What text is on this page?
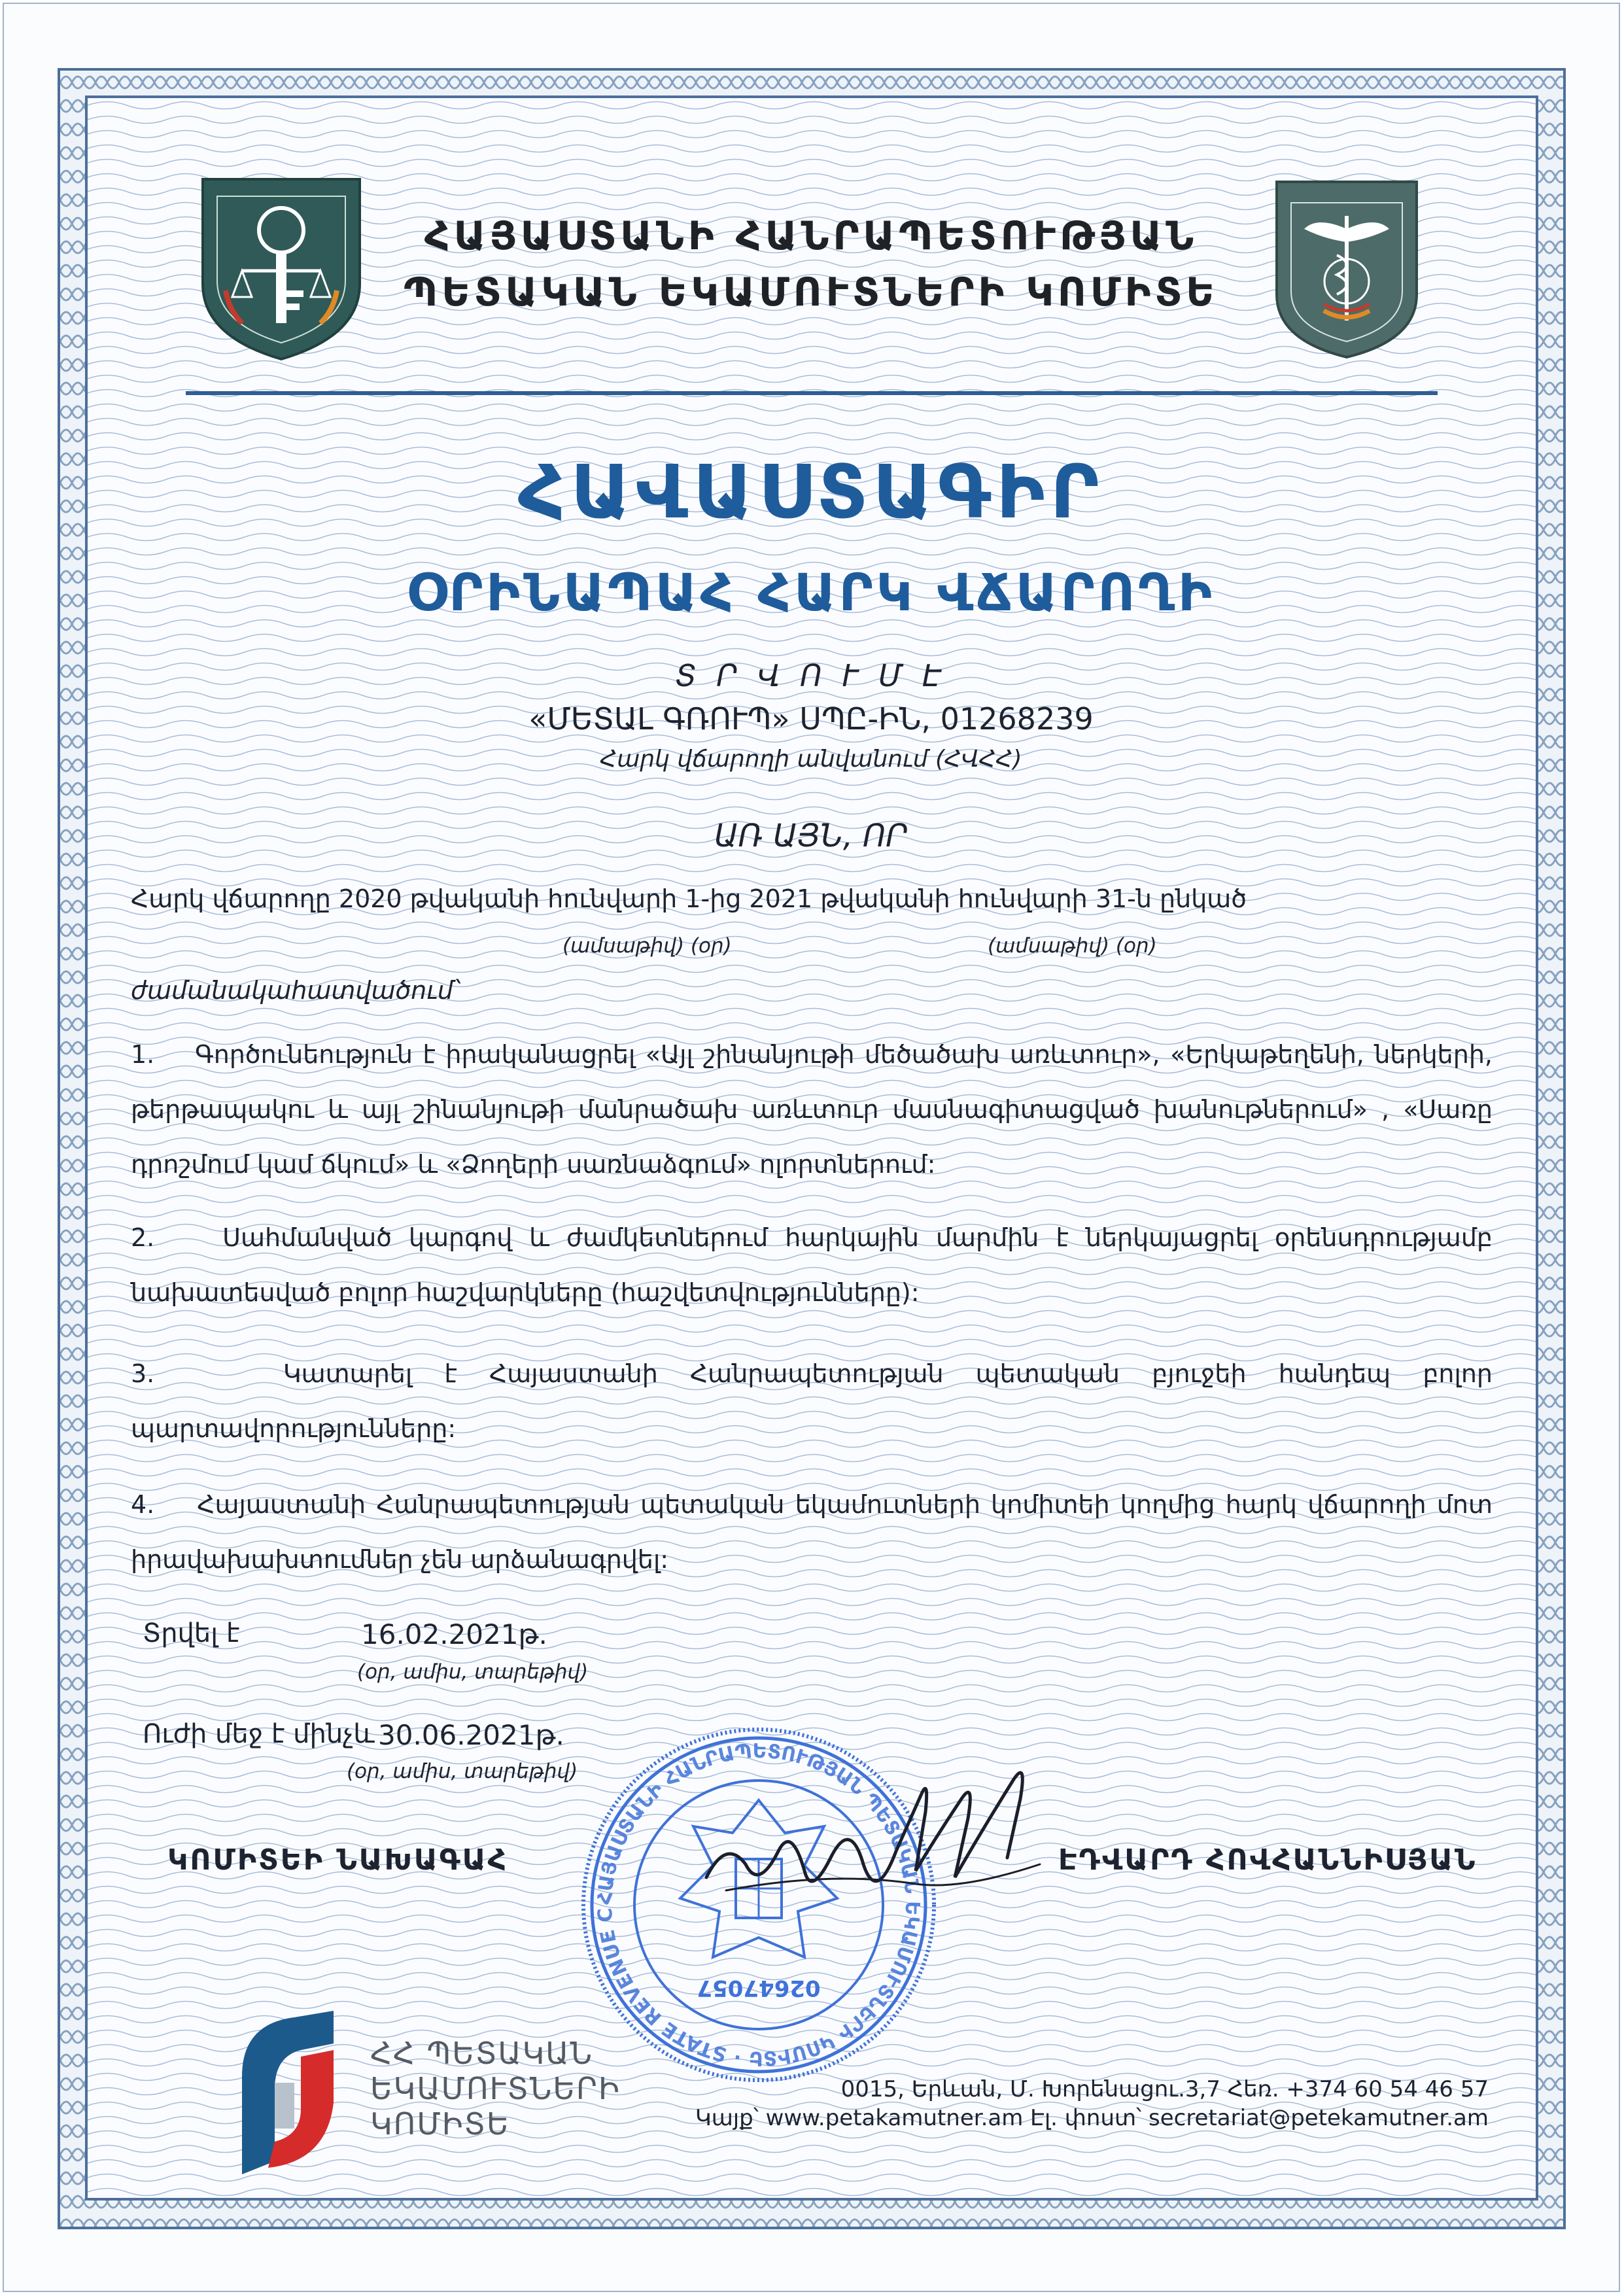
ՀԱՅԱՍՏԱՆԻ ՀԱՆՐԱՊԵՏՈՒԹՅԱՆ
ՊԵՏԱԿԱՆ ԵԿԱՄՈՒՏՆԵՐԻ ԿՈՄԻՏԵ
ՀԱՎԱՍՏԱԳԻՐ
ՕՐԻՆԱՊԱՀ ՀԱՐԿ ՎՃԱՐՈՂԻ
Տ Ր Վ Ո Ւ Մ Է
«ՄԵՏԱԼ ԳՌՈՒՊ» ՍՊԸ-ԻՆ, 01268239
Հարկ վճարողի անվանում (ՀՎՀՀ)
ԱՌ ԱՅՆ, ՈՐ
Հարկ վճարողը 2020 թվականի հունվարի 1-ից 2021 թվականի հունվարի 31-ն ընկած
(ամսաթիվ) (օր)	(ամսաթիվ) (օր)
ժամանակահատվածում՝
1. Գործունեություն է իրականացրել «Այլ շինանյութի մեծածախ առևտուր», «Երկաթեղենի, ներկերի, թերթապակու և այլ շինանյութի մանրածախ առևտուր մասնագիտացված խանութներում» , «Սառը դրոշմում կամ ճկում» և «Ձողերի սառնաձգում» ոլորտներում:
2.	Սահմանված կարգով և ժամկետներում հարկային մարմին է ներկայացրել օրենսդրությամբ նախատեսված բոլոր հաշվարկները (հաշվետվությունները):
3.	Կատարել է Հայաստանի Հանրապետության պետական բյուջեի հանդեպ բոլոր պարտավորությունները:
4. Հայաստանի Հանրապետության պետական եկամուտների կոմիտեի կողմից հարկ վճարողի մոտ իրավախախտումներ չեն արձանագրվել:
Տրվել է	16.02.2021թ.
(օր, ամիս, տարեթիվ)
Ուժի մեջ է մինչև 30.06.2021թ.
(օր, ամիս, տարեթիվ)
ԿՈՄԻՏԵԻ ՆԱԽԱԳԱՀ	ԷԴՎԱՐԴ ՀՈՎՀԱՆՆԻՍՅԱՆ
ՀԱՅԱՍՏԱՆԻ ՀԱՆՐԱՊԵՏՈՒԹՅԱՆ ՊԵՏԱԿԱՆ ԵԿԱՄՈՒՏՆԵՐԻ ԿՈՄԻՏԵ · STATE REVENUE C
02647057
ՀՀ ՊԵՏԱԿԱՆ
ԵԿԱՄՈՒՏՆԵՐԻ
ԿՈՄԻՏԵ
0015, Երևան, Մ. Խորենացու.3,7 Հեռ. +374 60 54 46 57
Կայք՝ www.petakamutner.am Էլ. փոստ՝ secretariat@petekamutner.am
